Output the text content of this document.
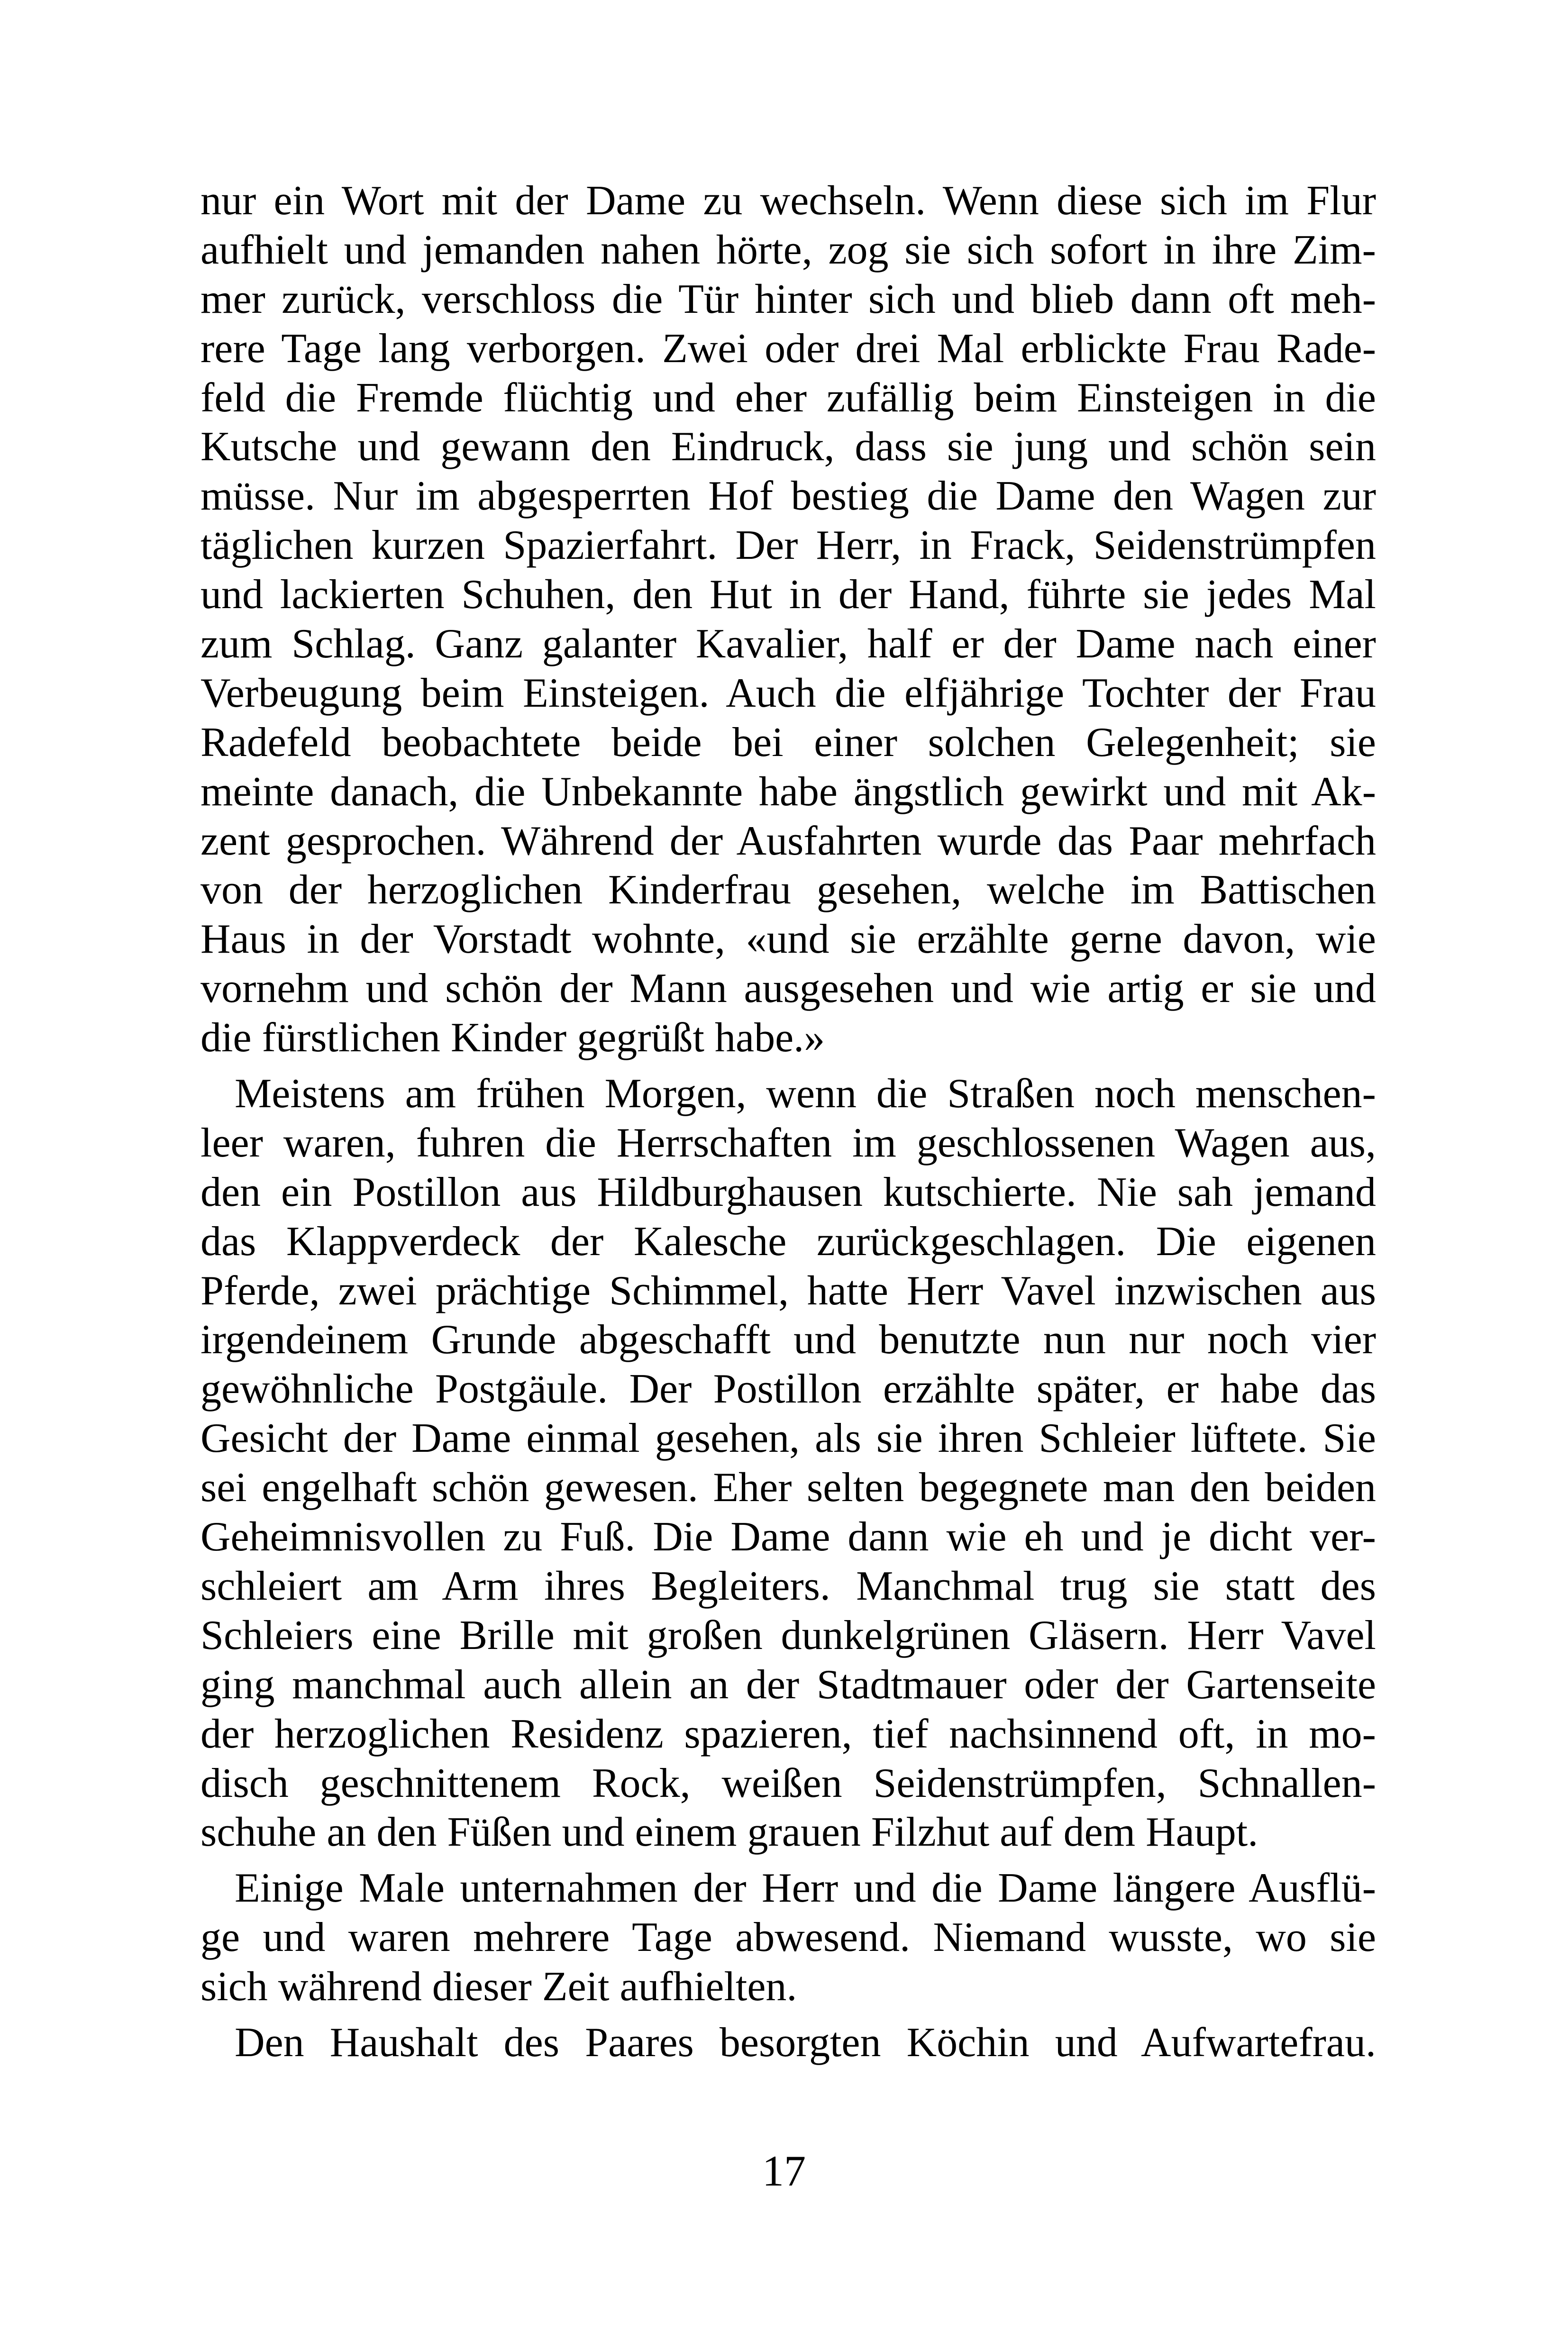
nur ein Wort mit der Dame zu wechseln. Wenn diese sich im Flur
aufhielt und jemanden nahen hörte, zog sie sich sofort in ihre Zim-
mer zurück, verschloss die Tür hinter sich und blieb dann oft meh-
rere Tage lang verborgen. Zwei oder drei Mal erblickte Frau Rade-
feld die Fremde flüchtig und eher zufällig beim Einsteigen in die
Kutsche und gewann den Eindruck, dass sie jung und schön sein
müsse. Nur im abgesperrten Hof bestieg die Dame den Wagen zur
täglichen kurzen Spazierfahrt. Der Herr, in Frack, Seidenstrümpfen
und lackierten Schuhen, den Hut in der Hand, führte sie jedes Mal
zum Schlag. Ganz galanter Kavalier, half er der Dame nach einer
Verbeugung beim Einsteigen. Auch die elfjährige Tochter der Frau
Radefeld beobachtete beide bei einer solchen Gelegenheit; sie
meinte danach, die Unbekannte habe ängstlich gewirkt und mit Ak-
zent gesprochen. Während der Ausfahrten wurde das Paar mehrfach
von der herzoglichen Kinderfrau gesehen, welche im Battischen
Haus in der Vorstadt wohnte, «und sie erzählte gerne davon, wie
vornehm und schön der Mann ausgesehen und wie artig er sie und
die fürstlichen Kinder gegrüßt habe.»
Meistens am frühen Morgen, wenn die Straßen noch menschen-
leer waren, fuhren die Herrschaften im geschlossenen Wagen aus,
den ein Postillon aus Hildburghausen kutschierte. Nie sah jemand
das Klappverdeck der Kalesche zurückgeschlagen. Die eigenen
Pferde, zwei prächtige Schimmel, hatte Herr Vavel inzwischen aus
irgendeinem Grunde abgeschafft und benutzte nun nur noch vier
gewöhnliche Postgäule. Der Postillon erzählte später, er habe das
Gesicht der Dame einmal gesehen, als sie ihren Schleier lüftete. Sie
sei engelhaft schön gewesen. Eher selten begegnete man den beiden
Geheimnisvollen zu Fuß. Die Dame dann wie eh und je dicht ver-
schleiert am Arm ihres Begleiters. Manchmal trug sie statt des
Schleiers eine Brille mit großen dunkelgrünen Gläsern. Herr Vavel
ging manchmal auch allein an der Stadtmauer oder der Gartenseite
der herzoglichen Residenz spazieren, tief nachsinnend oft, in mo-
disch geschnittenem Rock, weißen Seidenstrümpfen, Schnallen-
schuhe an den Füßen und einem grauen Filzhut auf dem Haupt.
Einige Male unternahmen der Herr und die Dame längere Ausflü-
ge und waren mehrere Tage abwesend. Niemand wusste, wo sie
sich während dieser Zeit aufhielten.
Den Haushalt des Paares besorgten Köchin und Aufwartefrau.
17
